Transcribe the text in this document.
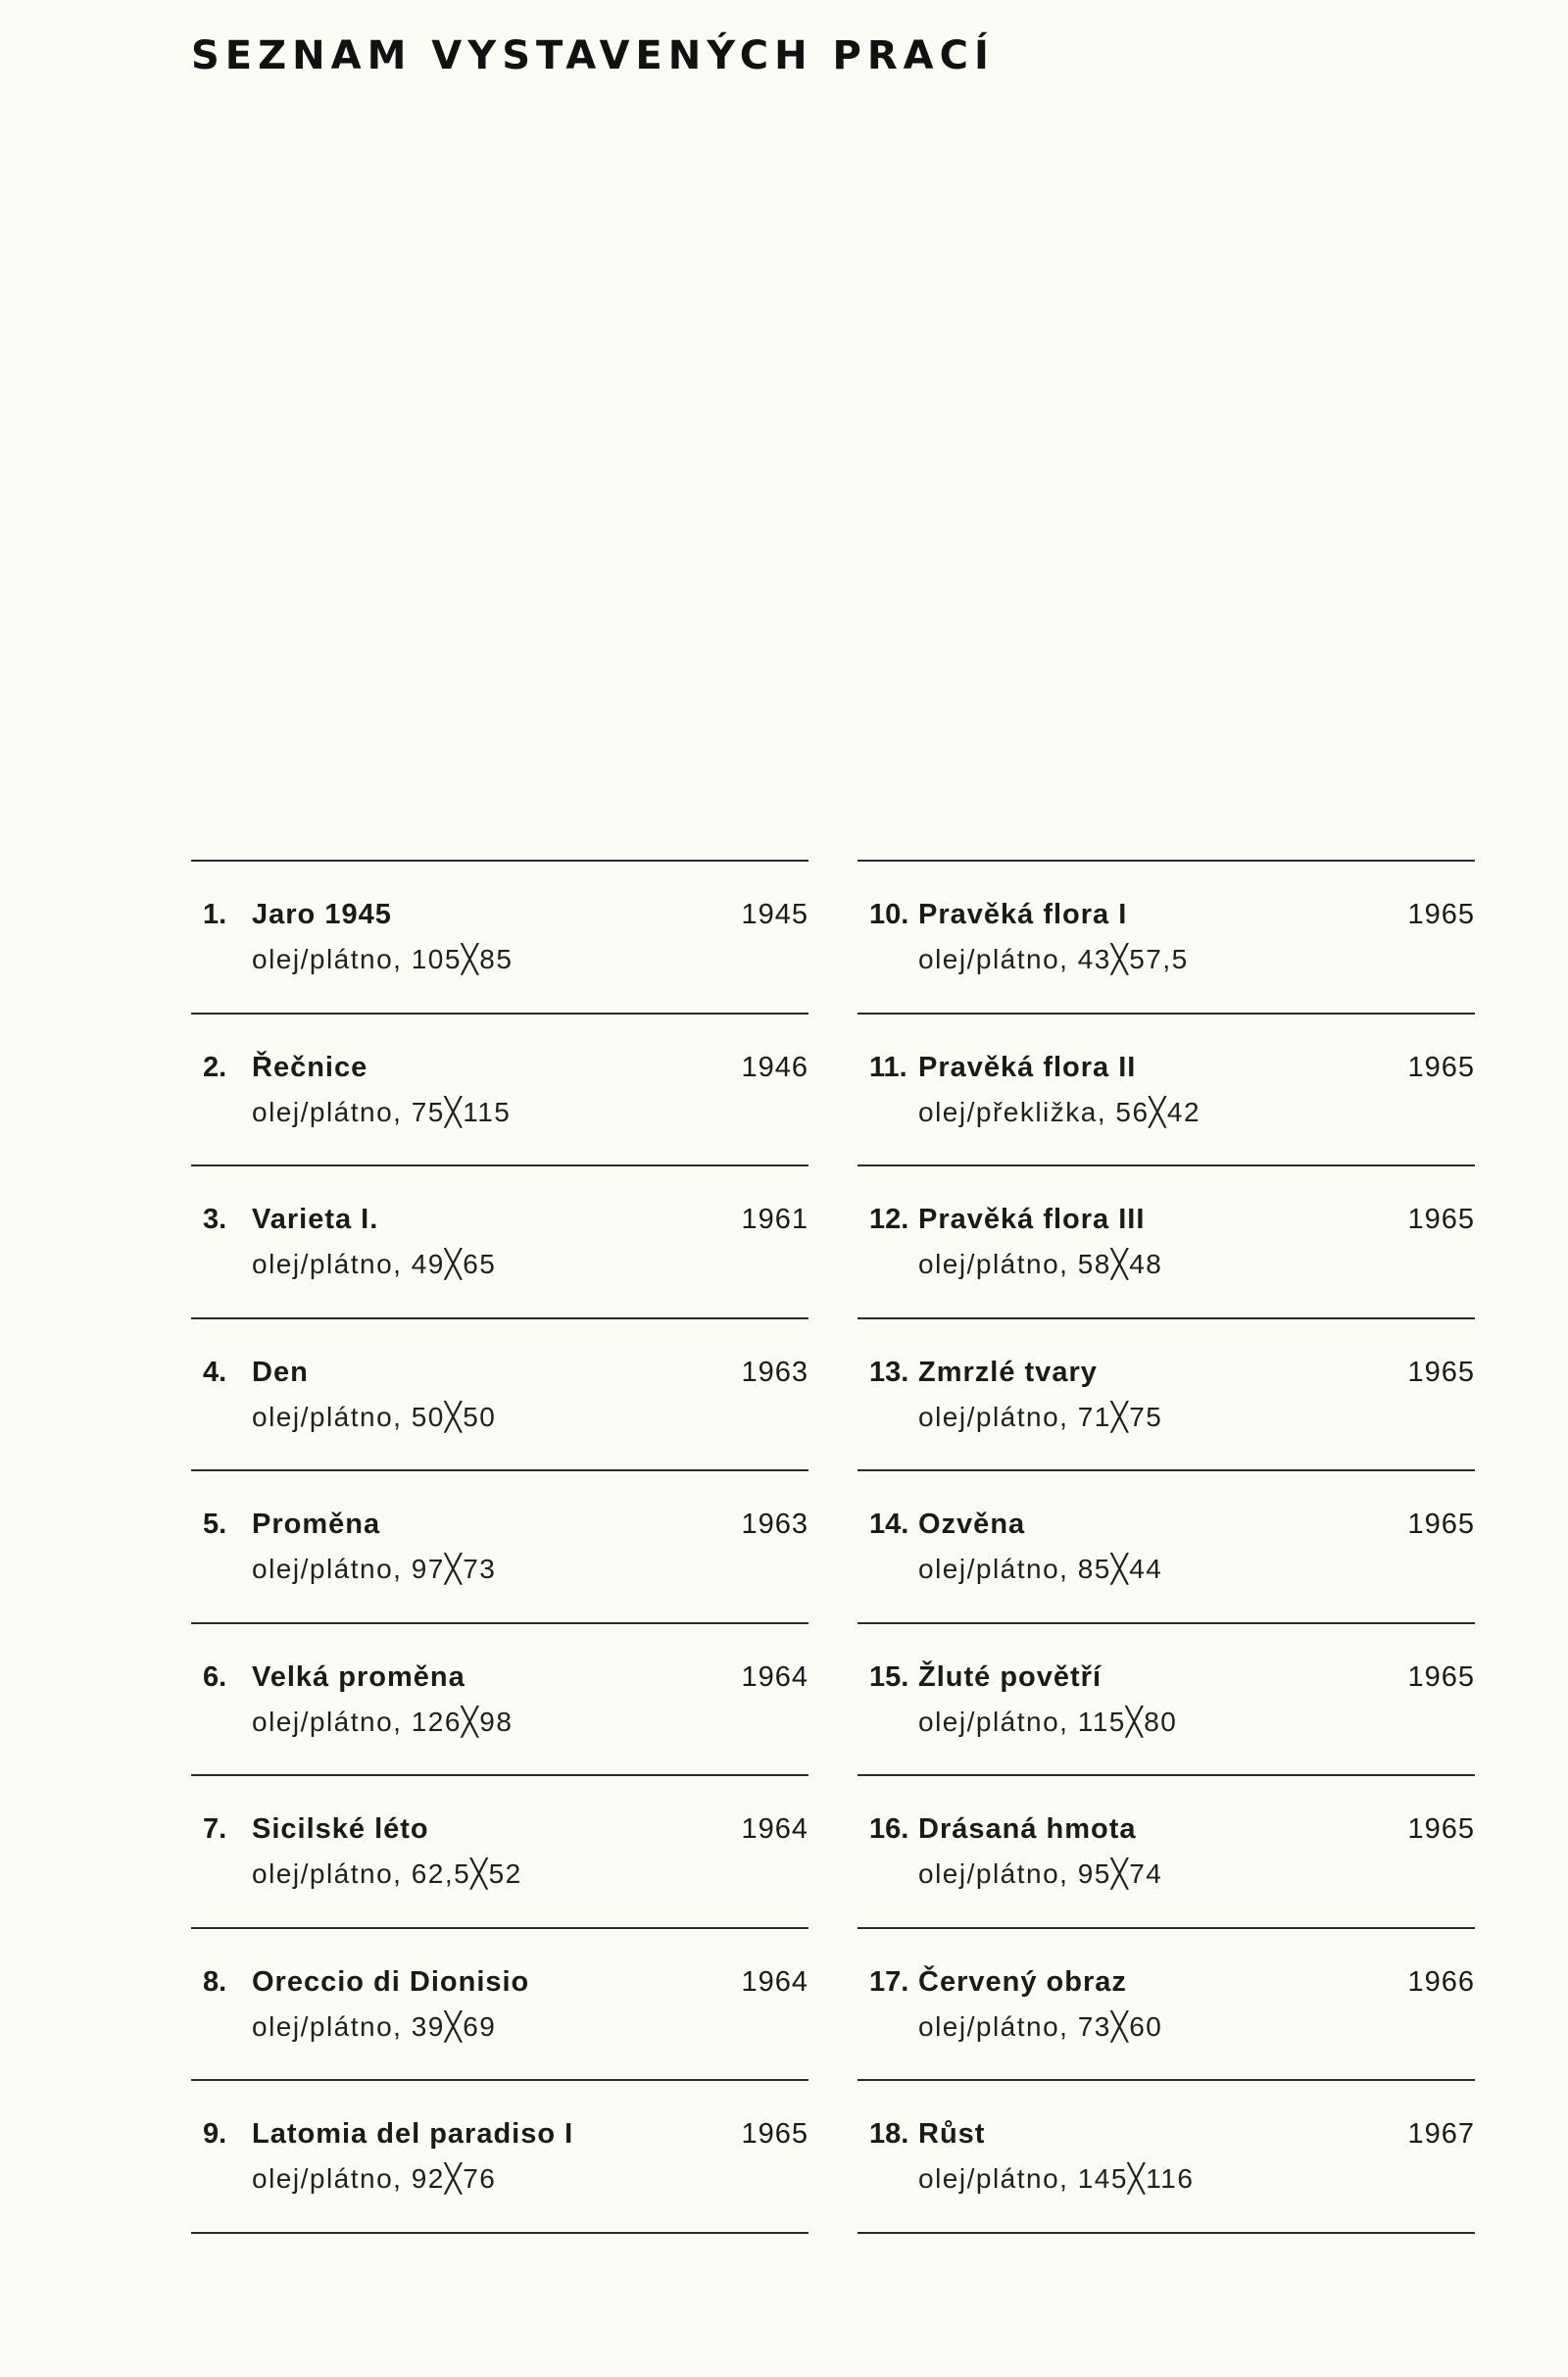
SEZNAM VYSTAVENÝCH PRACÍ
1. Jaro 1945	1945
olej/plátno, 105╳85
2. Řečnice	1946
olej/plátno, 75╳115
3. Varieta I.	1961
olej/plátno, 49╳65
4. Den	1963
olej/plátno, 50╳50
5. Proměna	1963
olej/plátno, 97╳73
6. Velká proměna	1964
olej/plátno, 126╳98
7. Sicilské léto	1964
olej/plátno, 62,5╳52
8. Oreccio di Dionisio	1964
olej/plátno, 39╳69
9. Latomia del paradiso I	1965
olej/plátno, 92╳76
10. Pravěká flora I	1965
olej/plátno, 43╳57,5
11. Pravěká flora II	1965
olej/překližka, 56╳42
12. Pravěká flora III	1965
olej/plátno, 58╳48
13. Zmrzlé tvary	1965
olej/plátno, 71╳75
14. Ozvěna	1965
olej/plátno, 85╳44
15. Žluté povětří	1965
olej/plátno, 115╳80
16. Drásaná hmota	1965
olej/plátno, 95╳74
17. Červený obraz	1966
olej/plátno, 73╳60
18. Růst	1967
olej/plátno, 145╳116
